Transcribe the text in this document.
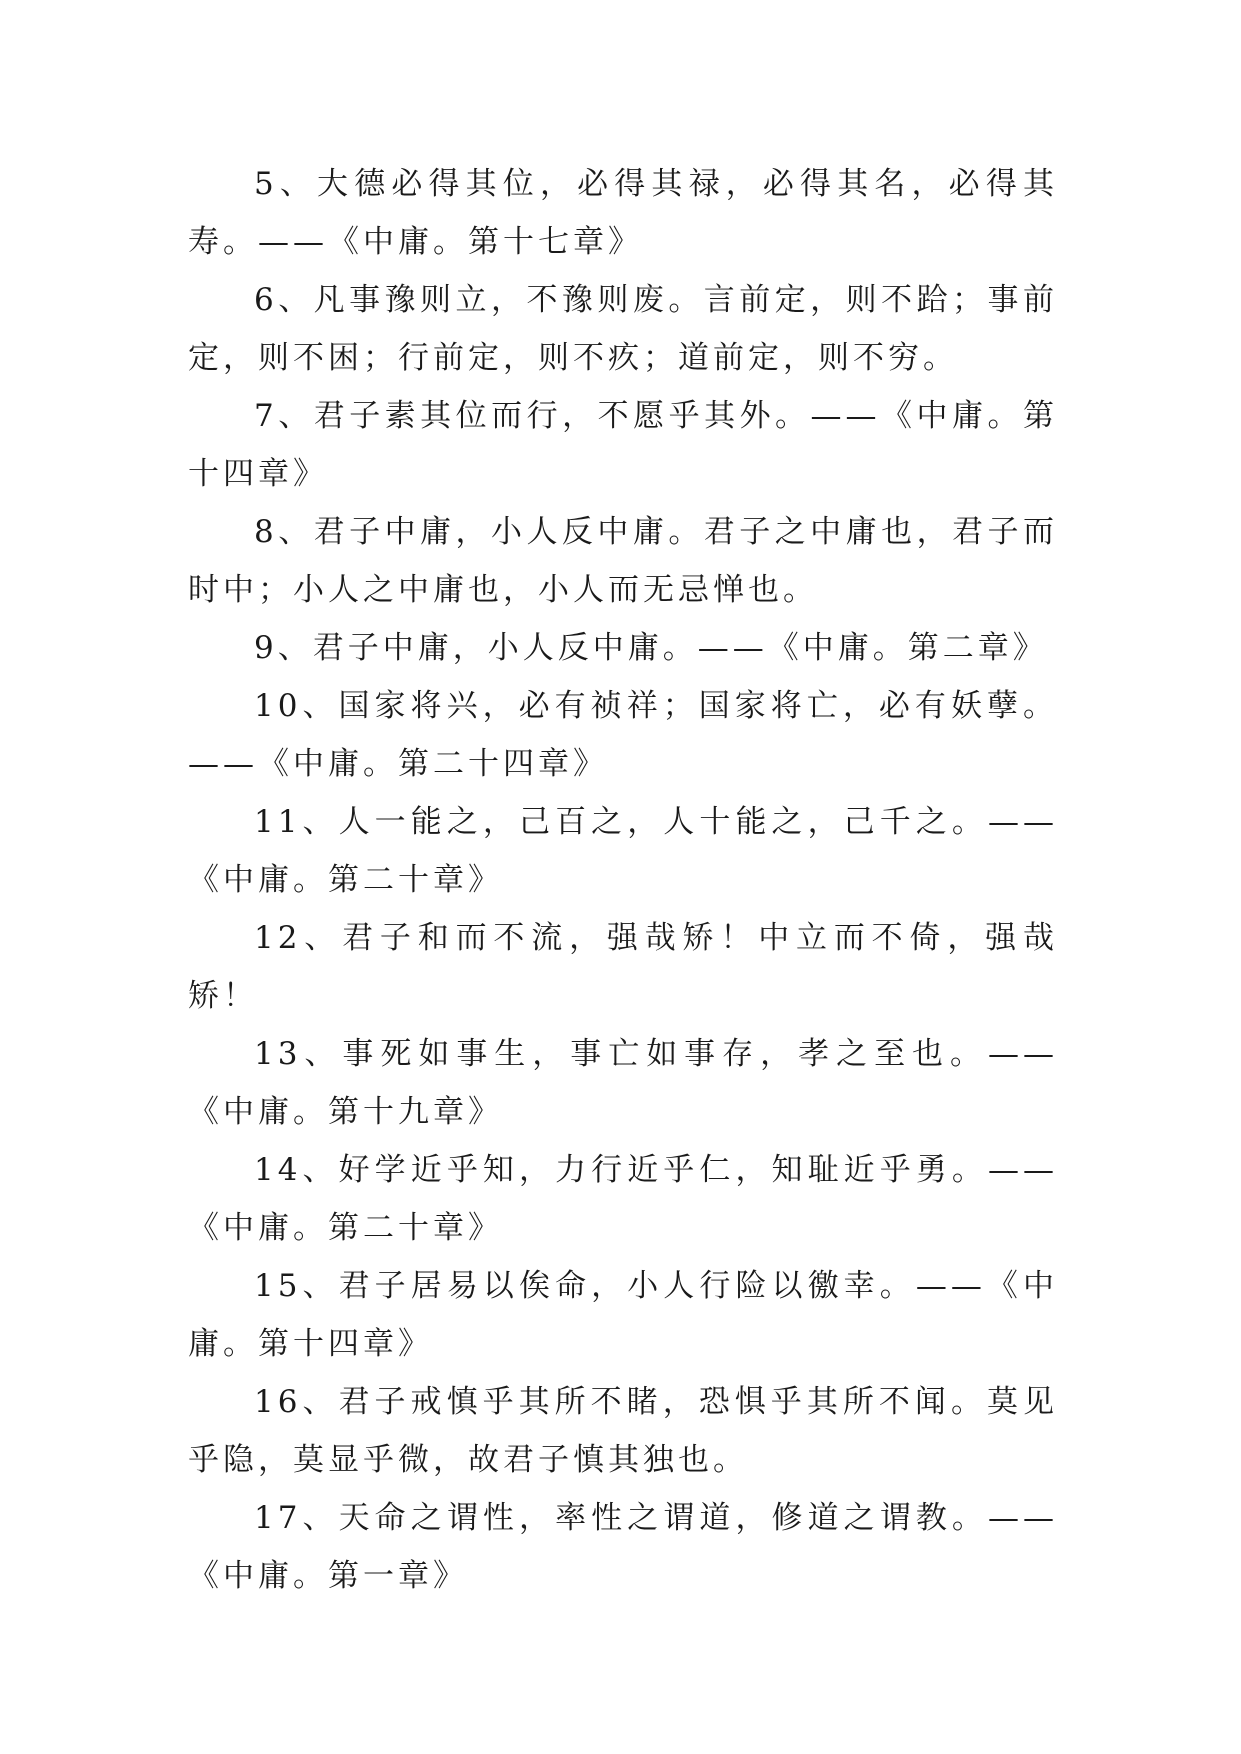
5、大德必得其位，必得其禄，必得其名，必得其寿。——《中庸。第十七章》

6、凡事豫则立，不豫则废。言前定，则不跲；事前定，则不困；行前定，则不疚；道前定，则不穷。

7、君子素其位而行，不愿乎其外。——《中庸。第十四章》

8、君子中庸，小人反中庸。君子之中庸也，君子而时中；小人之中庸也，小人而无忌惮也。

9、君子中庸，小人反中庸。——《中庸。第二章》

10、国家将兴，必有祯祥；国家将亡，必有妖孽。——《中庸。第二十四章》

11、人一能之，己百之，人十能之，己千之。——《中庸。第二十章》

12、君子和而不流，强哉矫！中立而不倚，强哉矫！

13、事死如事生，事亡如事存，孝之至也。——《中庸。第十九章》

14、好学近乎知，力行近乎仁，知耻近乎勇。——《中庸。第二十章》

15、君子居易以俟命，小人行险以徼幸。——《中庸。第十四章》

16、君子戒慎乎其所不睹，恐惧乎其所不闻。莫见乎隐，莫显乎微，故君子慎其独也。

17、天命之谓性，率性之谓道，修道之谓教。——《中庸。第一章》
